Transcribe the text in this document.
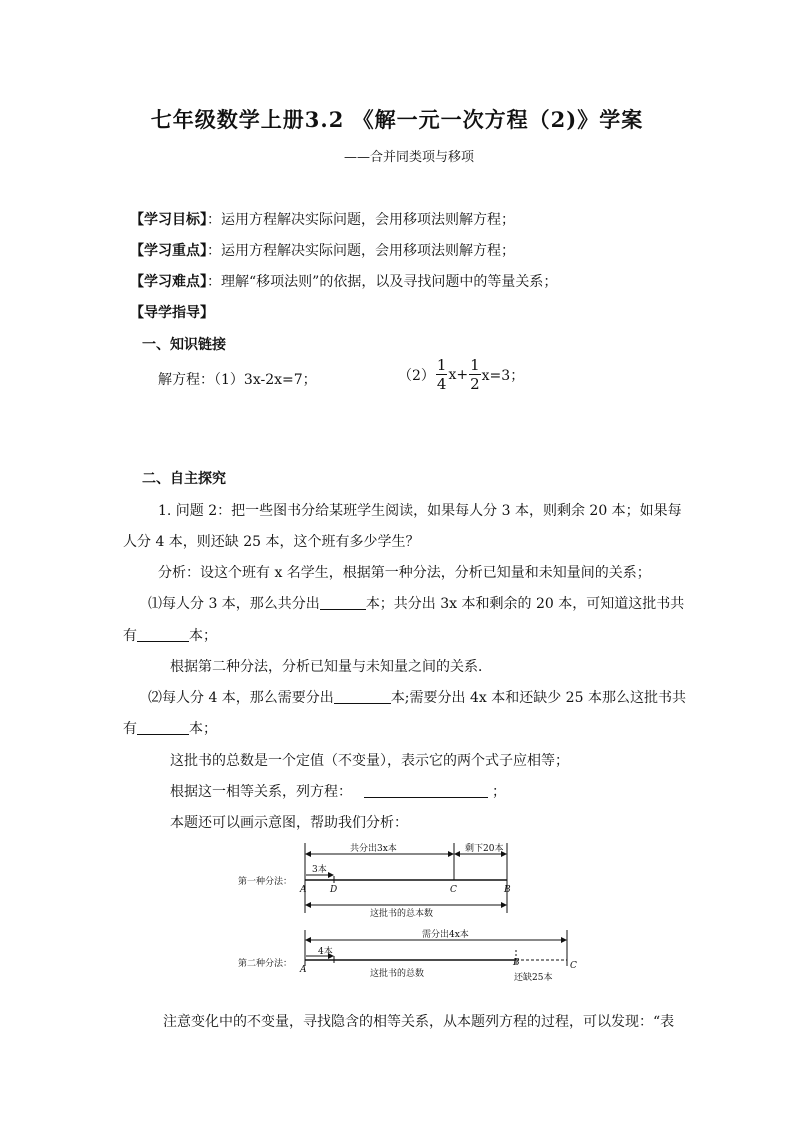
七年级数学上册3.2 《解一元一次方程（2)》学案
——合并同类项与移项
【学习目标】：运用方程解决实际问题，会用移项法则解方程；
【学习重点】：运用方程解决实际问题，会用移项法则解方程；
【学习难点】：理解“移项法则”的依据，以及寻找问题中的等量关系；
【导学指导】
一、知识链接
解方程：（1）3x-2x=7；	$(2) \frac{1}{4} x+ \frac{1}{2} x=3$；
二、自主探究
1. 问题 2：把一些图书分给某班学生阅读，如果每人分 3 本，则剩余 20 本；如果每
人分 4 本，则还缺 25 本，这个班有多少学生？
分析：设这个班有 x 名学生，根据第一种分法，分析已知量和未知量间的关系；
⑴每人分 3 本，那么共分出	本；共分出 3x 本和剩余的 20 本，可知道这批书共
有	本；
根据第二种分法，分析已知量与未知量之间的关系．
⑵每人分 4 本，那么需要分出	本;需要分出 4x 本和还缺少 25 本那么这批书共
有	本；
这批书的总数是一个定值（不变量），表示它的两个式子应相等；
根据这一相等关系，列方程：	；
本题还可以画示意图，帮助我们分析：
第一种分法：
共分出3x本	剩下20本
3本
A	D	C	B
这批书的总本数
第二种分法：
需分出4x本
4本
A
B	C
这批书的总数	还缺25本
注意变化中的不变量，寻找隐含的相等关系，从本题列方程的过程，可以发现：“表
